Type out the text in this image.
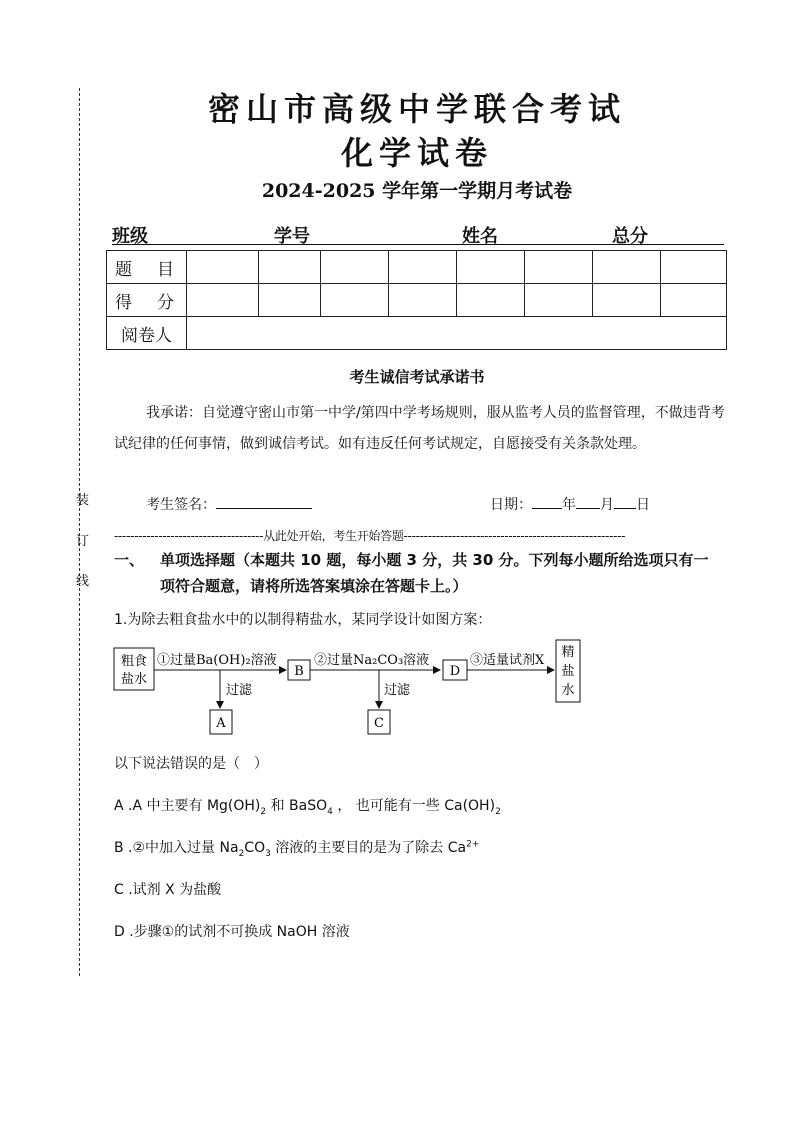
装
订
线
密山市高级中学联合考试
化学试卷
2024-2025 学年第一学期月考试卷
班级	学号	姓名	总分
题　目								
得　分								
阅卷人								
考生诚信考试承诺书
我承诺：自觉遵守密山市第一中学/第四中学考场规则，服从监考人员的监督管理，不做违背考试纪律的任何事情，做到诚信考试。如有违反任何考试规定，自愿接受有关条款处理。
考生签名：	日期： 年 月 日
-------------------------------------从此处开始，考生开始答题-------------------------------------------------------
一、 单项选择题（本题共 10 题，每小题 3 分，共 30 分。下列每小题所给选项只有一
项符合题意，请将所选答案填涂在答题卡上。）
1.为除去粗食盐水中的以制得精盐水，某同学设计如图方案：
粗食
盐水
①过量Ba(OH)₂溶液
过滤
A
B
②过量Na₂CO₃溶液
过滤
C
D
③适量试剂X
精
盐
水
以下说法错误的是（　）
A .A 中主要有 $Mg(OH)_2$ 和 BaSO$_4$ ， 也可能有一些 $Ca(OH)_2$
B .②中加入过量 $Na_2CO_3$ 溶液的主要目的是为了除去 $Ca^{2+}$
C .试剂 X 为盐酸
D .步骤①的试剂不可换成 NaOH 溶液
